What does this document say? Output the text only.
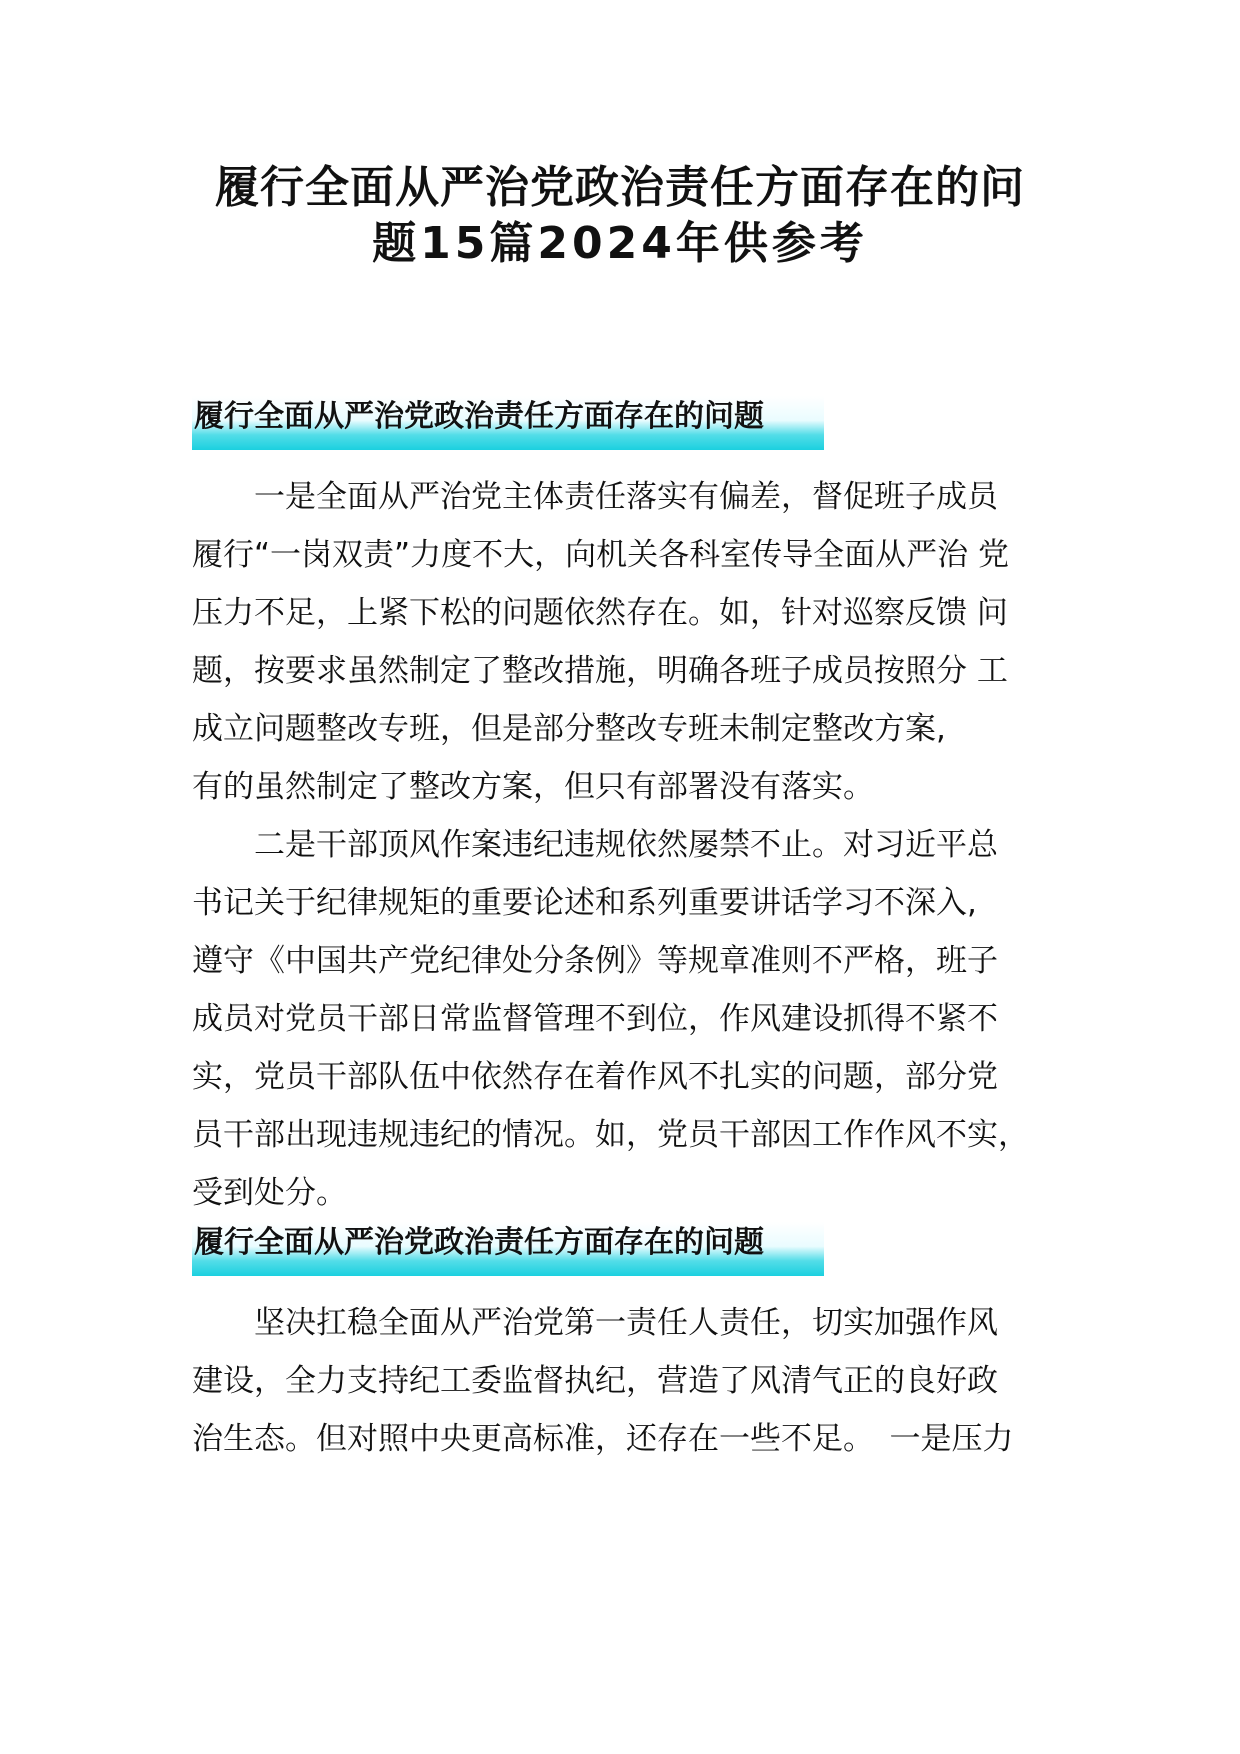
履行全面从严治党政治责任方面存在的问
题15篇2024年供参考
履行全面从严治党政治责任方面存在的问题
　　一是全面从严治党主体责任落实有偏差，督促班子成员
履行“一岗双责”力度不大，向机关各科室传导全面从严治 党
压力不足，上紧下松的问题依然存在。如，针对巡察反馈 问
题，按要求虽然制定了整改措施，明确各班子成员按照分 工
成立问题整改专班，但是部分整改专班未制定整改方案,
有的虽然制定了整改方案，但只有部署没有落实。
　　二是干部顶风作案违纪违规依然屡禁不止。对习近平总
书记关于纪律规矩的重要论述和系列重要讲话学习不深入,
遵守《中国共产党纪律处分条例》等规章准则不严格，班子
成员对党员干部日常监督管理不到位，作风建设抓得不紧不
实，党员干部队伍中依然存在着作风不扎实的问题，部分党
员干部出现违规违纪的情况。如，党员干部因工作作风不实，
受到处分。
履行全面从严治党政治责任方面存在的问题
　　坚决扛稳全面从严治党第一责任人责任，切实加强作风
建设，全力支持纪工委监督执纪，营造了风清气正的良好政
治生态。但对照中央更高标准，还存在一些不足。　一是压力
